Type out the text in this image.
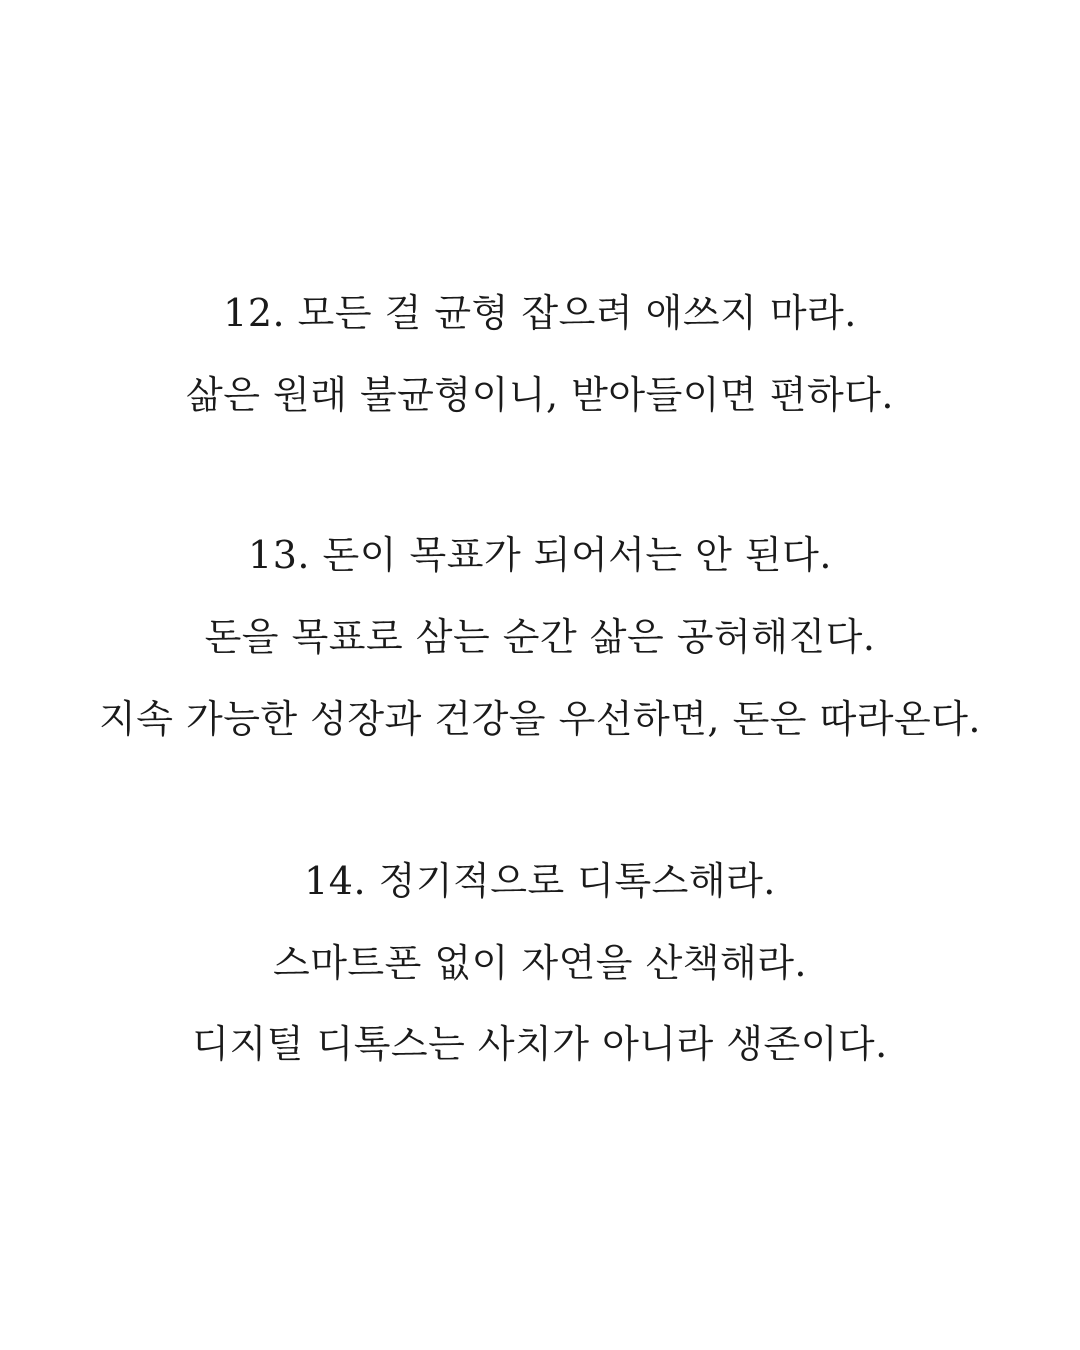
12. 모든 걸 균형 잡으려 애쓰지 마라.
삶은 원래 불균형이니, 받아들이면 편하다.
13. 돈이 목표가 되어서는 안 된다.
돈을 목표로 삼는 순간 삶은 공허해진다.
지속 가능한 성장과 건강을 우선하면, 돈은 따라온다.
14. 정기적으로 디톡스해라.
스마트폰 없이 자연을 산책해라.
디지털 디톡스는 사치가 아니라 생존이다.
